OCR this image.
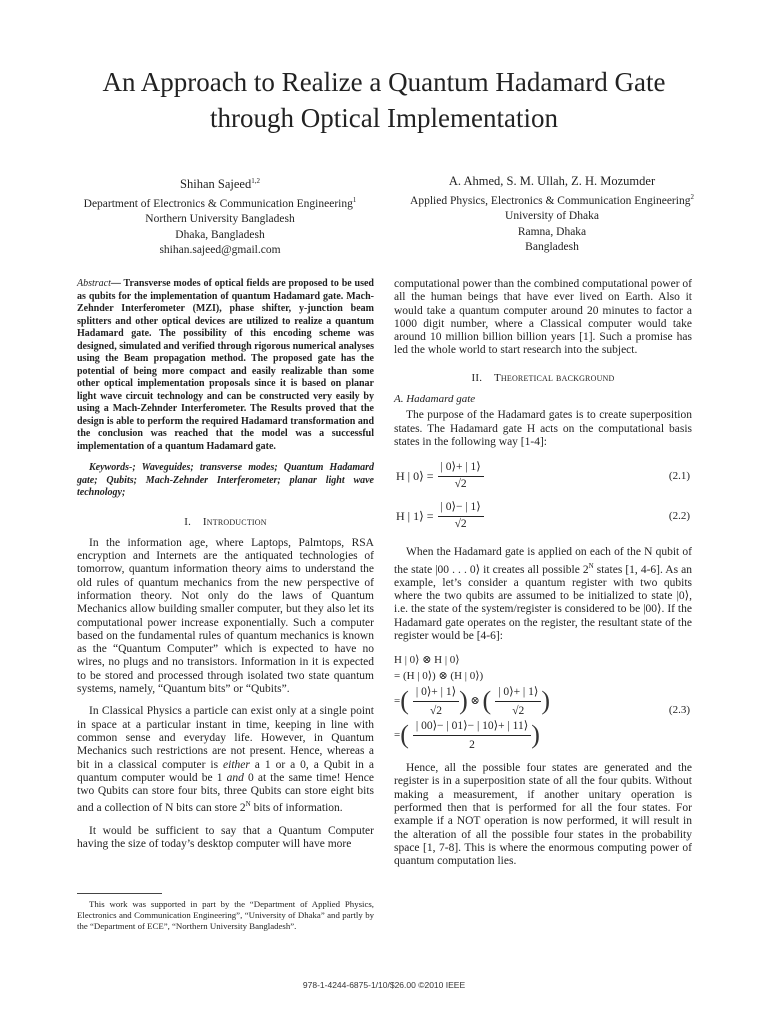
An Approach to Realize a Quantum Hadamard Gate
through Optical Implementation
Shihan Sajeed$^{1,2}$
Department of Electronics & Communication Engineering$^1$
Northern University Bangladesh
Dhaka, Bangladesh
shihan.sajeed@gmail.com
A. Ahmed, S. M. Ullah, Z. H. Mozumder
Applied Physics, Electronics & Communication Engineering$^2$
University of Dhaka
Ramna, Dhaka
Bangladesh

Abstract— Transverse modes of optical fields are proposed to be used as qubits for the implementation of quantum Hadamard gate. Mach-Zehnder Interferometer (MZI), phase shifter, y-junction beam splitters and other optical devices are utilized to realize a quantum Hadamard gate. The possibility of this encoding scheme was designed, simulated and verified through rigorous numerical analyses using the Beam propagation method. The proposed gate has the potential of being more compact and easily realizable than some other optical implementation proposals since it is based on planar light wave circuit technology and can be constructed very easily by using a Mach-Zehnder Interferometer. The Results proved that the design is able to perform the required Hadamard transformation and the conclusion was reached that the model was a successful implementation of a quantum Hadamard gate.

Keywords-; Waveguides; transverse modes; Quantum Hadamard gate; Qubits; Mach-Zehnder Interferometer; planar light wave technology;

I. Introduction

In the information age, where Laptops, Palmtops, RSA encryption and Internets are the antiquated technologies of tomorrow, quantum information theory aims to understand the old rules of quantum mechanics from the new perspective of information theory. Not only do the laws of Quantum Mechanics allow building smaller computer, but they also let its computational power increase exponentially. Such a computer based on the fundamental rules of quantum mechanics is known as the “Quantum Computer” which is expected to have no wires, no plugs and no transistors. Information in it is expected to be stored and processed through isolated two state quantum systems, namely, “Quantum bits” or “Qubits”.

In Classical Physics a particle can exist only at a single point in space at a particular instant in time, keeping in line with common sense and everyday life. However, in Quantum Mechanics such restrictions are not present. Hence, whereas a bit in a classical computer is either a 1 or a 0, a Qubit in a quantum computer would be 1 and 0 at the same time! Hence two Qubits can store four bits, three Qubits can store eight bits and a collection of N bits can store $2^N$ bits of information.

It would be sufficient to say that a Quantum Computer having the size of today’s desktop computer will have more

computational power than the combined computational power of all the human beings that have ever lived on Earth. Also it would take a quantum computer around 20 minutes to factor a 1000 digit number, where a Classical computer would take around 10 million billion billion years [1]. Such a promise has led the whole world to start research into the subject.

II. Theoretical background
A. Hadamard gate

The purpose of the Hadamard gates is to create superposition states. The Hadamard gate H acts on the computational basis states in the following way [1-4]:

H | 0⟩ = $\frac{| 0⟩+ | 1⟩}{√2}$	(2.1)
H | 1⟩ = $\frac{| 0⟩- | 1⟩}{√2}$	(2.2)

When the Hadamard gate is applied on each of the N qubit of the state |00 . . . 0⟩ it creates all possible $2^N$ states [1, 4-6]. As an example, let’s consider a quantum register with two qubits where the two qubits are assumed to be initialized to state |0⟩, i.e. the state of the system/register is considered to be |00⟩. If the Hadamard gate operates on the register, the resultant state of the register would be [4-6]:

H | 0⟩ ⊗ H | 0⟩
= (H | 0⟩) ⊗ (H | 0⟩)
= ( $\frac{| 0⟩+ | 1⟩}{√2}$ )
⊗
( $\frac{| 0⟩+ | 1⟩}{√2}$ )
= ( $\frac{| 00⟩- | 01⟩- | 10⟩+ | 11⟩}{2}$ )
(2.3)

Hence, all the possible four states are generated and the register is in a superposition state of all the four qubits. Without making a measurement, if another unitary operation is performed then that is performed for all the four states. For example if a NOT operation is now performed, it will result in the alteration of all the possible four states in the probability space [1, 7-8]. This is where the enormous computing power of quantum computation lies.

This work was supported in part by the “Department of Applied Physics, Electronics and Communication Engineering”, “University of Dhaka” and partly by the “Department of ECE”, “Northern University Bangladesh”.
978-1-4244-6875-1/10/$26.00 ©2010 IEEE
